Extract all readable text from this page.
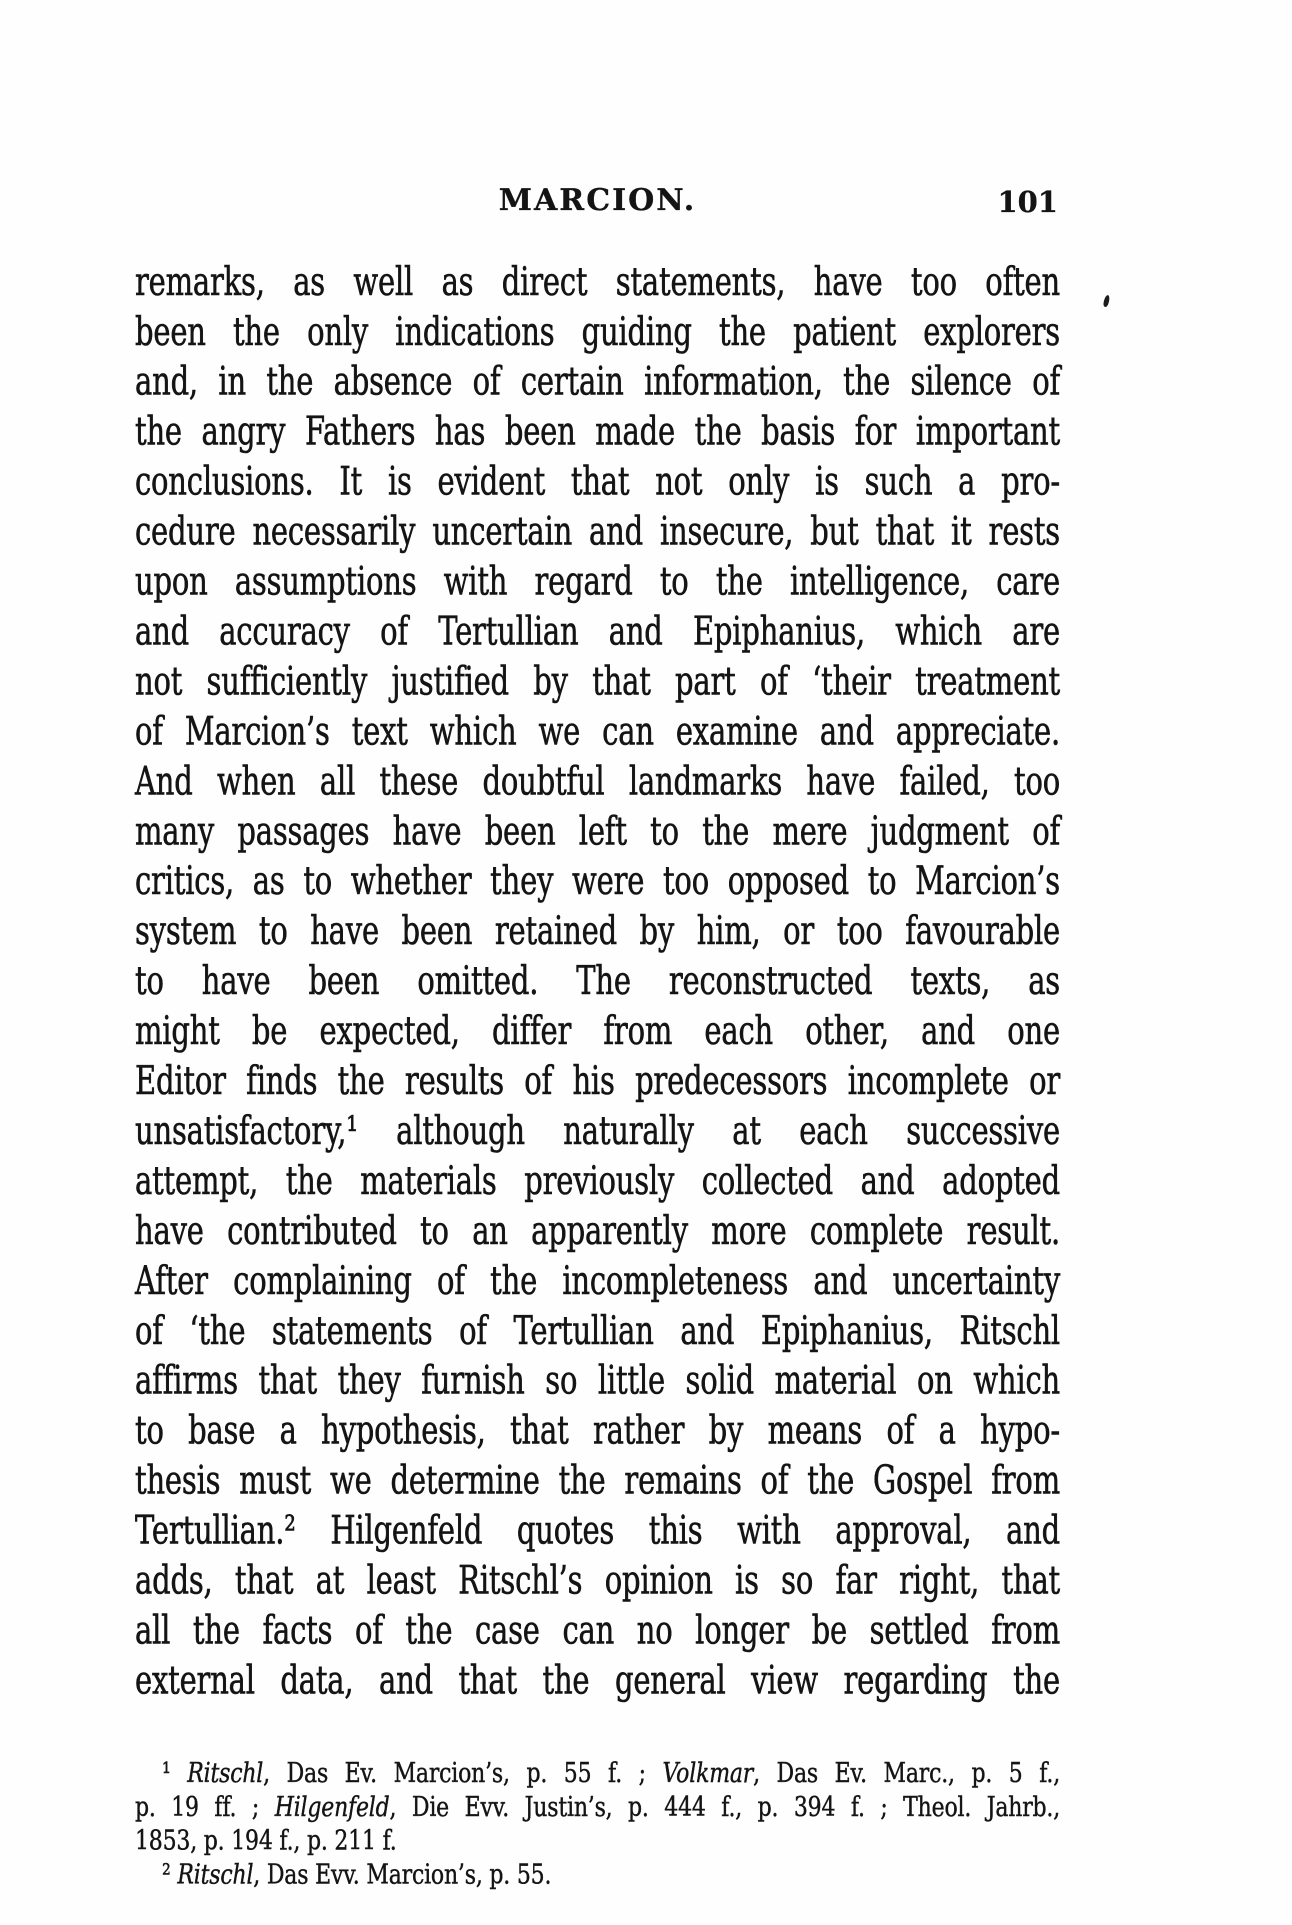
MARCION.	101
remarks, as well as direct statements, have too often
been the only indications guiding the patient explorers
and, in the absence of certain information, the silence of
the angry Fathers has been made the basis for important
conclusions. It is evident that not only is such a pro-
cedure necessarily uncertain and insecure, but that it rests
upon assumptions with regard to the intelligence, care
and accuracy of Tertullian and Epiphanius, which are
not sufficiently justified by that part of ‘their treatment
of Marcion’s text which we can examine and appreciate.
And when all these doubtful landmarks have failed, too
many passages have been left to the mere judgment of
critics, as to whether they were too opposed to Marcion’s
system to have been retained by him, or too favourable
to have been omitted. The reconstructed texts, as
might be expected, differ from each other, and one
Editor finds the results of his predecessors incomplete or
unsatisfactory,¹ although naturally at each successive
attempt, the materials previously collected and adopted
have contributed to an apparently more complete result.
After complaining of the incompleteness and uncertainty
of ‘the statements of Tertullian and Epiphanius, Ritschl
affirms that they furnish so little solid material on which
to base a hypothesis, that rather by means of a hypo-
thesis must we determine the remains of the Gospel from
Tertullian.² Hilgenfeld quotes this with approval, and
adds, that at least Ritschl’s opinion is so far right, that
all the facts of the case can no longer be settled from
external data, and that the general view regarding the
¹ Ritschl, Das Ev. Marcion’s, p. 55 f. ; Volkmar, Das Ev. Marc., p. 5 f.,
p. 19 ff. ; Hilgenfeld, Die Evv. Justin’s, p. 444 f., p. 394 f. ; Theol. Jahrb.,
1853, p. 194 f., p. 211 f.
² Ritschl, Das Evv. Marcion’s, p. 55.
